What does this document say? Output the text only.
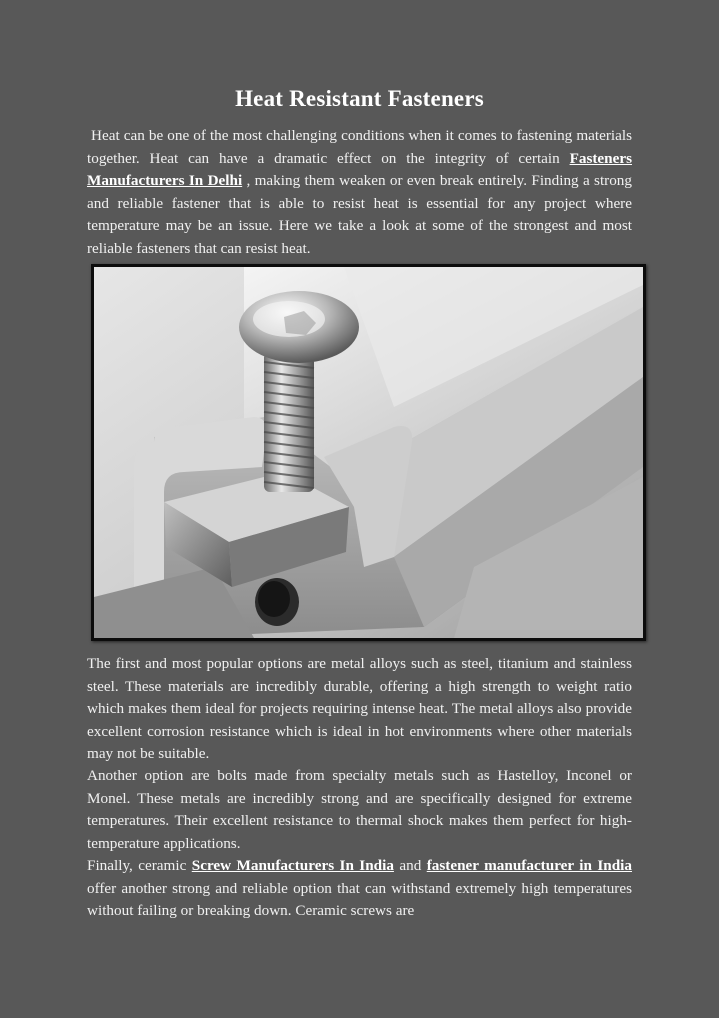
Heat Resistant Fasteners

Heat can be one of the most challenging conditions when it comes to fastening materials together. Heat can have a dramatic effect on the integrity of certain Fasteners Manufacturers In Delhi , making them weaken or even break entirely. Finding a strong and reliable fastener that is able to resist heat is essential for any project where temperature may be an issue. Here we take a look at some of the strongest and most reliable fasteners that can resist heat.

The first and most popular options are metal alloys such as steel, titanium and stainless steel. These materials are incredibly durable, offering a high strength to weight ratio which makes them ideal for projects requiring intense heat. The metal alloys also provide excellent corrosion resistance which is ideal in hot environments where other materials may not be suitable.

Another option are bolts made from specialty metals such as Hastelloy, Inconel or Monel. These metals are incredibly strong and are specifically designed for extreme temperatures. Their excellent resistance to thermal shock makes them perfect for high-temperature applications.

Finally, ceramic Screw Manufacturers In India and fastener manufacturer in India offer another strong and reliable option that can withstand extremely high temperatures without failing or breaking down. Ceramic screws are
